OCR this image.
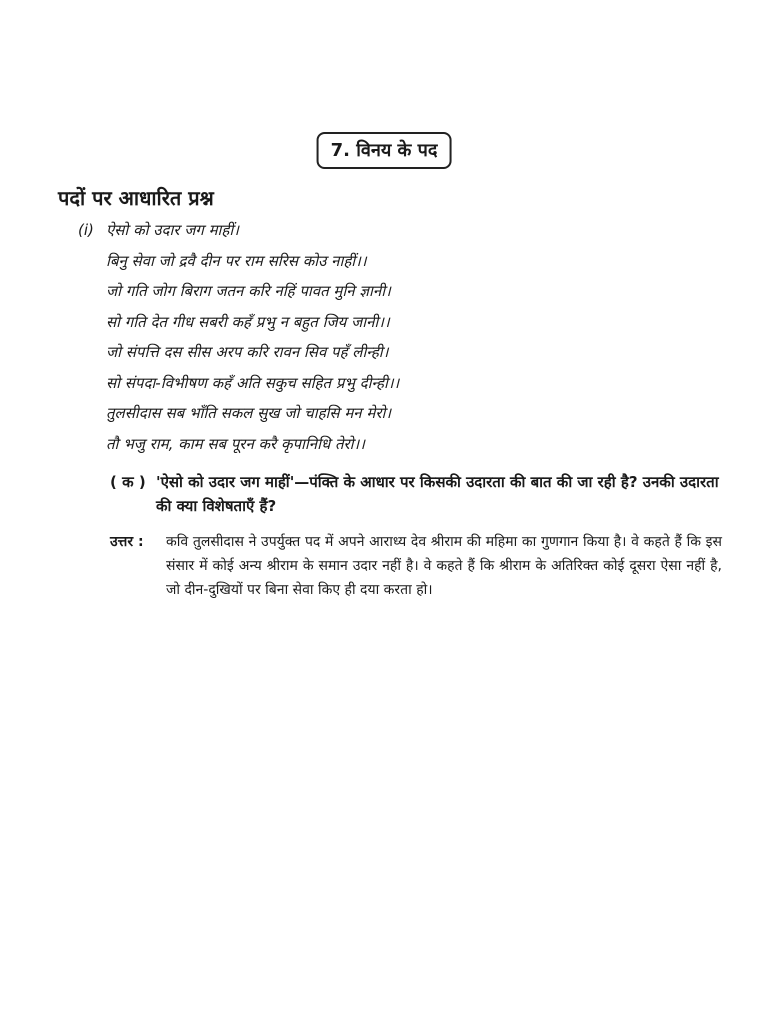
7. विनय के पद
पदों पर आधारित प्रश्न
(i) ऐसो को उदार जग माहीं।
बिनु सेवा जो द्रवै दीन पर राम सरिस कोउ नाहीं।।
जो गति जोग बिराग जतन करि नहिं पावत मुनि ज्ञानी।
सो गति देत गीध सबरी कहँ प्रभु न बहुत जिय जानी।।
जो संपत्ति दस सीस अरप करि रावन सिव पहँ लीन्ही।
सो संपदा-विभीषण कहँ अति सकुच सहित प्रभु दीन्ही।।
तुलसीदास सब भाँति सकल सुख जो चाहसि मन मेरो।
तौ भजु राम, काम सब पूरन करै कृपानिधि तेरो।।
( क ) 'ऐसो को उदार जग माहीं'—पंक्ति के आधार पर किसकी उदारता की बात की जा रही है? उनकी उदारता की क्या विशेषताएँ हैं?
उत्तर :	कवि तुलसीदास ने उपर्युक्त पद में अपने आराध्य देव श्रीराम की महिमा का गुणगान किया है। वे कहते हैं कि इस संसार में कोई अन्य श्रीराम के समान उदार नहीं है। वे कहते हैं कि श्रीराम के अतिरिक्त कोई दूसरा ऐसा नहीं है, जो दीन-दुखियों पर बिना सेवा किए ही दया करता हो।
